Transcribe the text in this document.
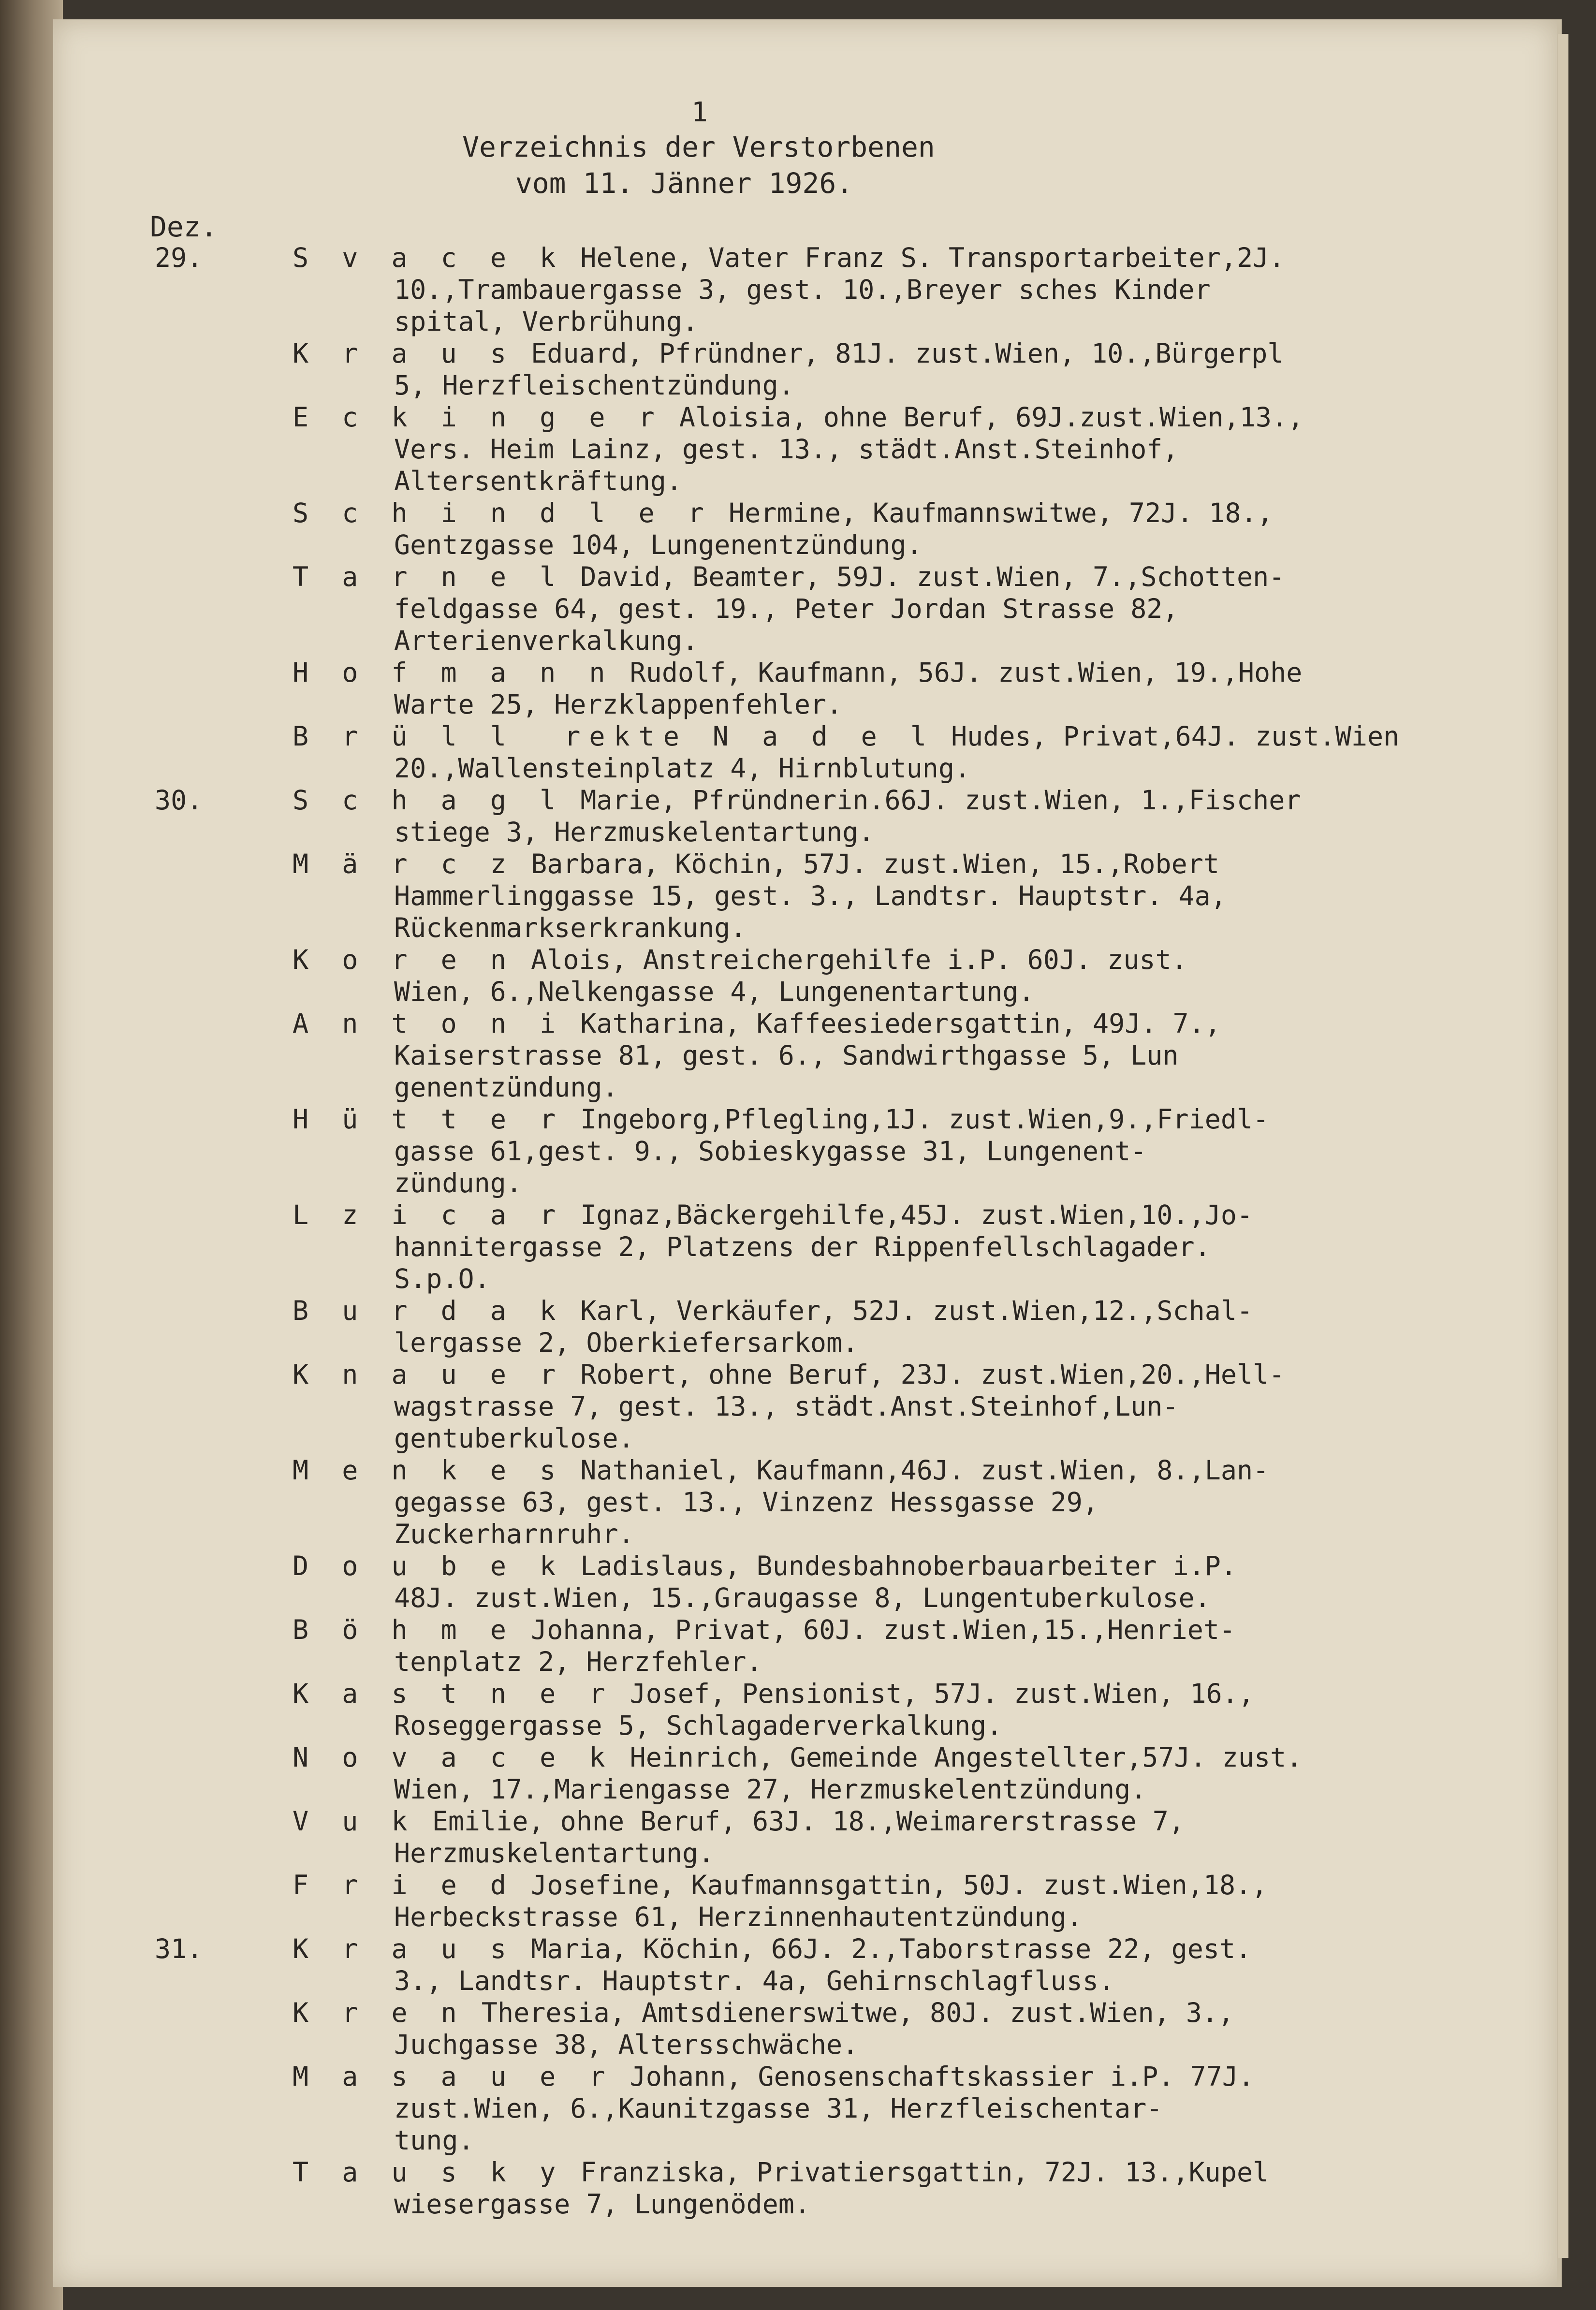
1
Verzeichnis der Verstorbenen
vom 11. Jänner 1926.
Dez.
29.	S v a c e k Helene, Vater Franz S. Transportarbeiter,2J.
10.,Trambauergasse 3, gest. 10.,Breyer sches Kinder
spital, Verbrühung.
K r a u s Eduard, Pfründner, 81J. zust.Wien, 10.,Bürgerpl
5, Herzfleischentzündung.
E c k i n g e r Aloisia, ohne Beruf, 69J.zust.Wien,13.,
Vers. Heim Lainz, gest. 13., städt.Anst.Steinhof,
Altersentkräftung.
S c h i n d l e r Hermine, Kaufmannswitwe, 72J. 18.,
Gentzgasse 104, Lungenentzündung.
T a r n e l David, Beamter, 59J. zust.Wien, 7.,Schotten-
feldgasse 64, gest. 19., Peter Jordan Strasse 82,
Arterienverkalkung.
H o f m a n n Rudolf, Kaufmann, 56J. zust.Wien, 19.,Hohe
Warte 25, Herzklappenfehler.
B r ü l l  rekte N a d e l Hudes, Privat,64J. zust.Wien
20.,Wallensteinplatz 4, Hirnblutung.
30.	S c h a g l Marie, Pfründnerin.66J. zust.Wien, 1.,Fischer
stiege 3, Herzmuskelentartung.
M ä r c z Barbara, Köchin, 57J. zust.Wien, 15.,Robert
Hammerlinggasse 15, gest. 3., Landtsr. Hauptstr. 4a,
Rückenmarkserkrankung.
K o r e n Alois, Anstreichergehilfe i.P. 60J. zust.
Wien, 6.,Nelkengasse 4, Lungenentartung.
A n t o n i Katharina, Kaffeesiedersgattin, 49J. 7.,
Kaiserstrasse 81, gest. 6., Sandwirthgasse 5, Lun
genentzündung.
H ü t t e r Ingeborg,Pflegling,1J. zust.Wien,9.,Friedl-
gasse 61,gest. 9., Sobieskygasse 31, Lungenent-
zündung.
L z i c a r Ignaz,Bäckergehilfe,45J. zust.Wien,10.,Jo-
hannitergasse 2, Platzens der Rippenfellschlagader.
S.p.O.
B u r d a k Karl, Verkäufer, 52J. zust.Wien,12.,Schal-
lergasse 2, Oberkiefersarkom.
K n a u e r Robert, ohne Beruf, 23J. zust.Wien,20.,Hell-
wagstrasse 7, gest. 13., städt.Anst.Steinhof,Lun-
gentuberkulose.
M e n k e s Nathaniel, Kaufmann,46J. zust.Wien, 8.,Lan-
gegasse 63, gest. 13., Vinzenz Hessgasse 29,
Zuckerharnruhr.
D o u b e k Ladislaus, Bundesbahnoberbauarbeiter i.P.
48J. zust.Wien, 15.,Graugasse 8, Lungentuberkulose.
B ö h m e Johanna, Privat, 60J. zust.Wien,15.,Henriet-
tenplatz 2, Herzfehler.
K a s t n e r Josef, Pensionist, 57J. zust.Wien, 16.,
Roseggergasse 5, Schlagaderverkalkung.
N o v a c e k Heinrich, Gemeinde Angestellter,57J. zust.
Wien, 17.,Mariengasse 27, Herzmuskelentzündung.
V u k Emilie, ohne Beruf, 63J. 18.,Weimarerstrasse 7,
Herzmuskelentartung.
F r i e d Josefine, Kaufmannsgattin, 50J. zust.Wien,18.,
Herbeckstrasse 61, Herzinnenhautentzündung.
31.	K r a u s Maria, Köchin, 66J. 2.,Taborstrasse 22, gest.
3., Landtsr. Hauptstr. 4a, Gehirnschlagfluss.
K r e n Theresia, Amtsdienerswitwe, 80J. zust.Wien, 3.,
Juchgasse 38, Altersschwäche.
M a s a u e r Johann, Genosenschaftskassier i.P. 77J.
zust.Wien, 6.,Kaunitzgasse 31, Herzfleischentar-
tung.
T a u s k y Franziska, Privatiersgattin, 72J. 13.,Kupel
wiesergasse 7, Lungenödem.
